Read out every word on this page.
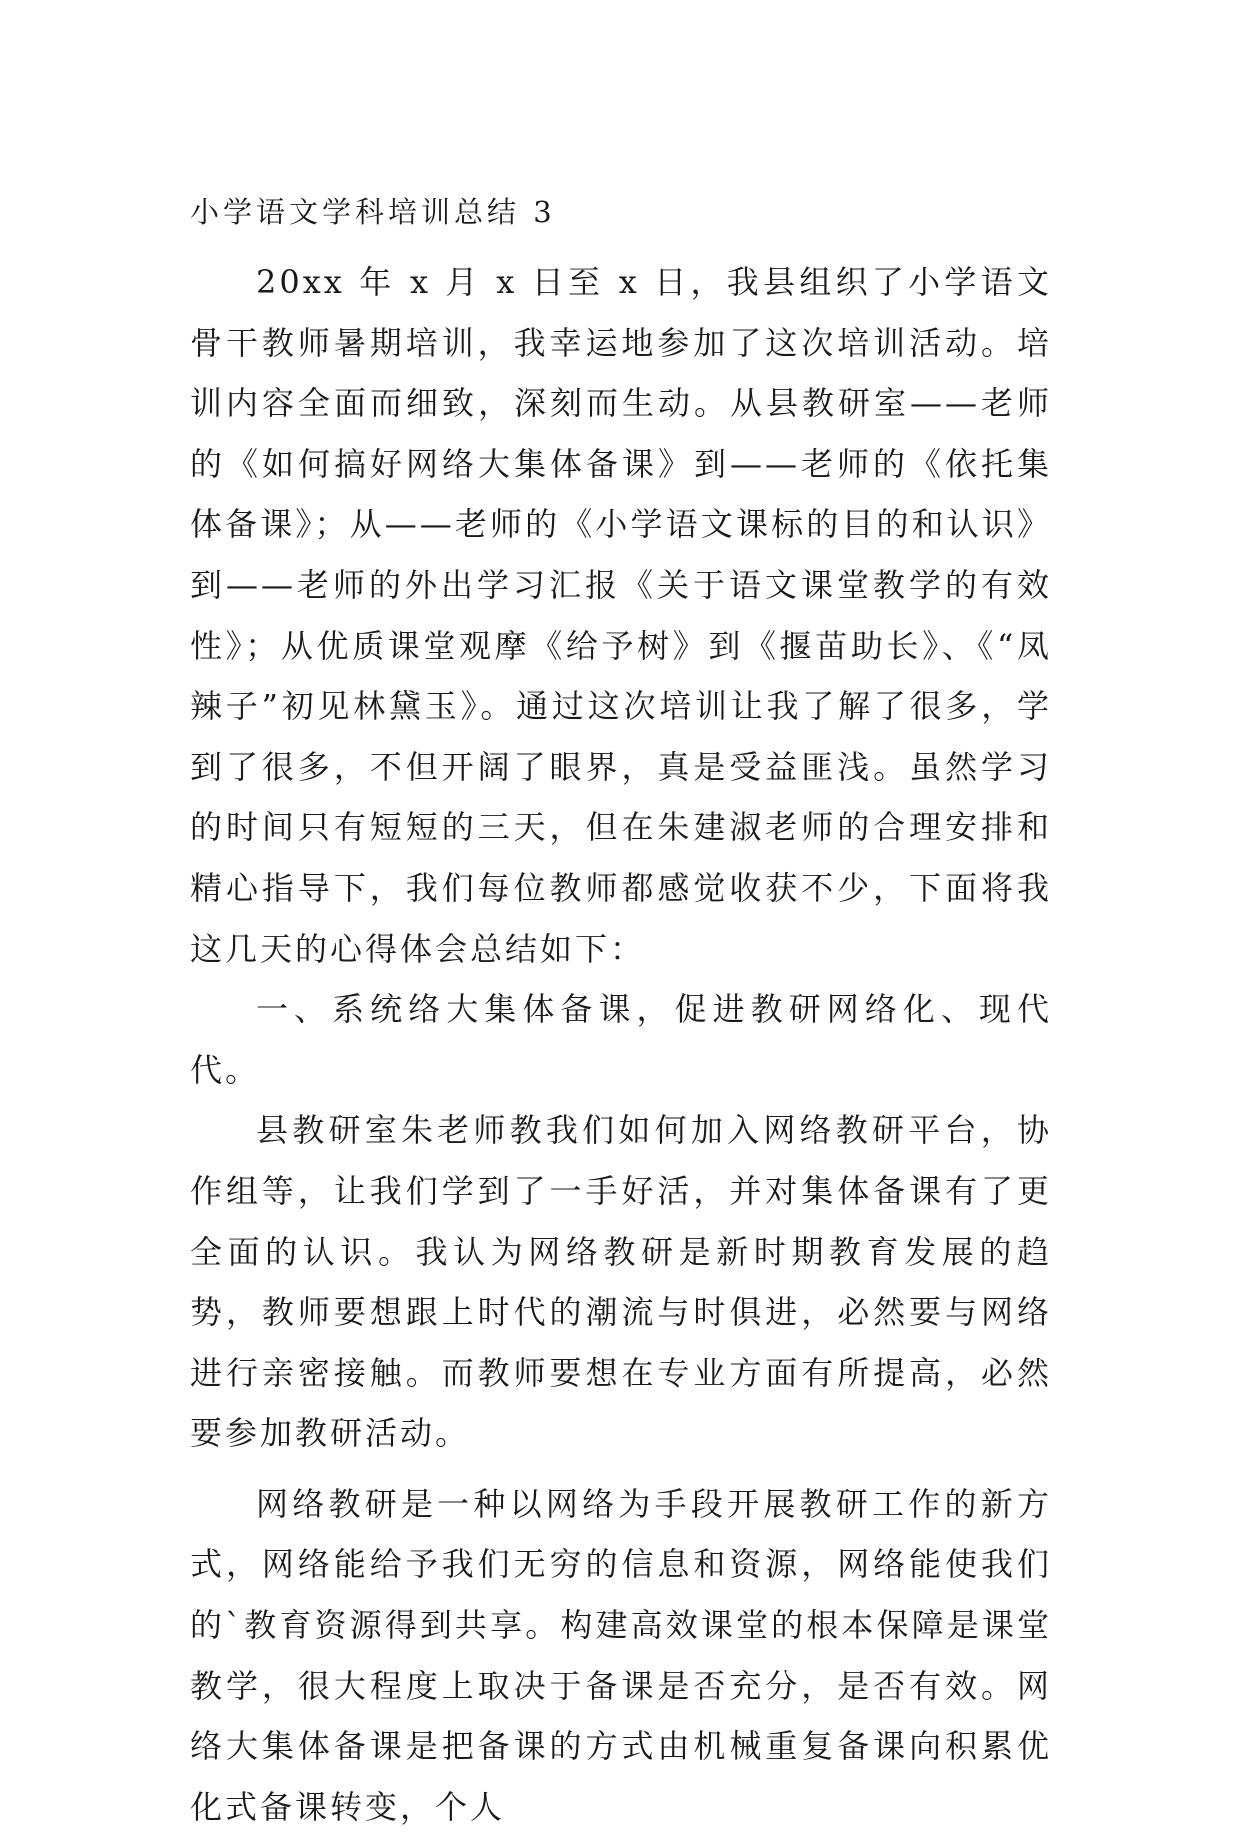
小学语文学科培训总结 3

20xx 年 x 月 x 日至 x 日，我县组织了小学语文骨干教师暑期培训，我幸运地参加了这次培训活动。培训内容全面而细致，深刻而生动。从县教研室——老师的《如何搞好网络大集体备课》到——老师的《依托集体备课》；从——老师的《小学语文课标的目的和认识》到——老师的外出学习汇报《关于语文课堂教学的有效性》；从优质课堂观摩《给予树》到《揠苗助长》、《“凤辣子”初见林黛玉》。通过这次培训让我了解了很多，学到了很多，不但开阔了眼界，真是受益匪浅。虽然学习的时间只有短短的三天，但在朱建淑老师的合理安排和精心指导下，我们每位教师都感觉收获不少，下面将我这几天的心得体会总结如下：

一、系统络大集体备课，促进教研网络化、现代代。

县教研室朱老师教我们如何加入网络教研平台，协作组等，让我们学到了一手好活，并对集体备课有了更全面的认识。我认为网络教研是新时期教育发展的趋势，教师要想跟上时代的潮流与时俱进，必然要与网络进行亲密接触。而教师要想在专业方面有所提高，必然要参加教研活动。

网络教研是一种以网络为手段开展教研工作的新方式，网络能给予我们无穷的信息和资源，网络能使我们的`教育资源得到共享。构建高效课堂的根本保障是课堂教学，很大程度上取决于备课是否充分，是否有效。网络大集体备课是把备课的方式由机械重复备课向积累优化式备课转变，个人
